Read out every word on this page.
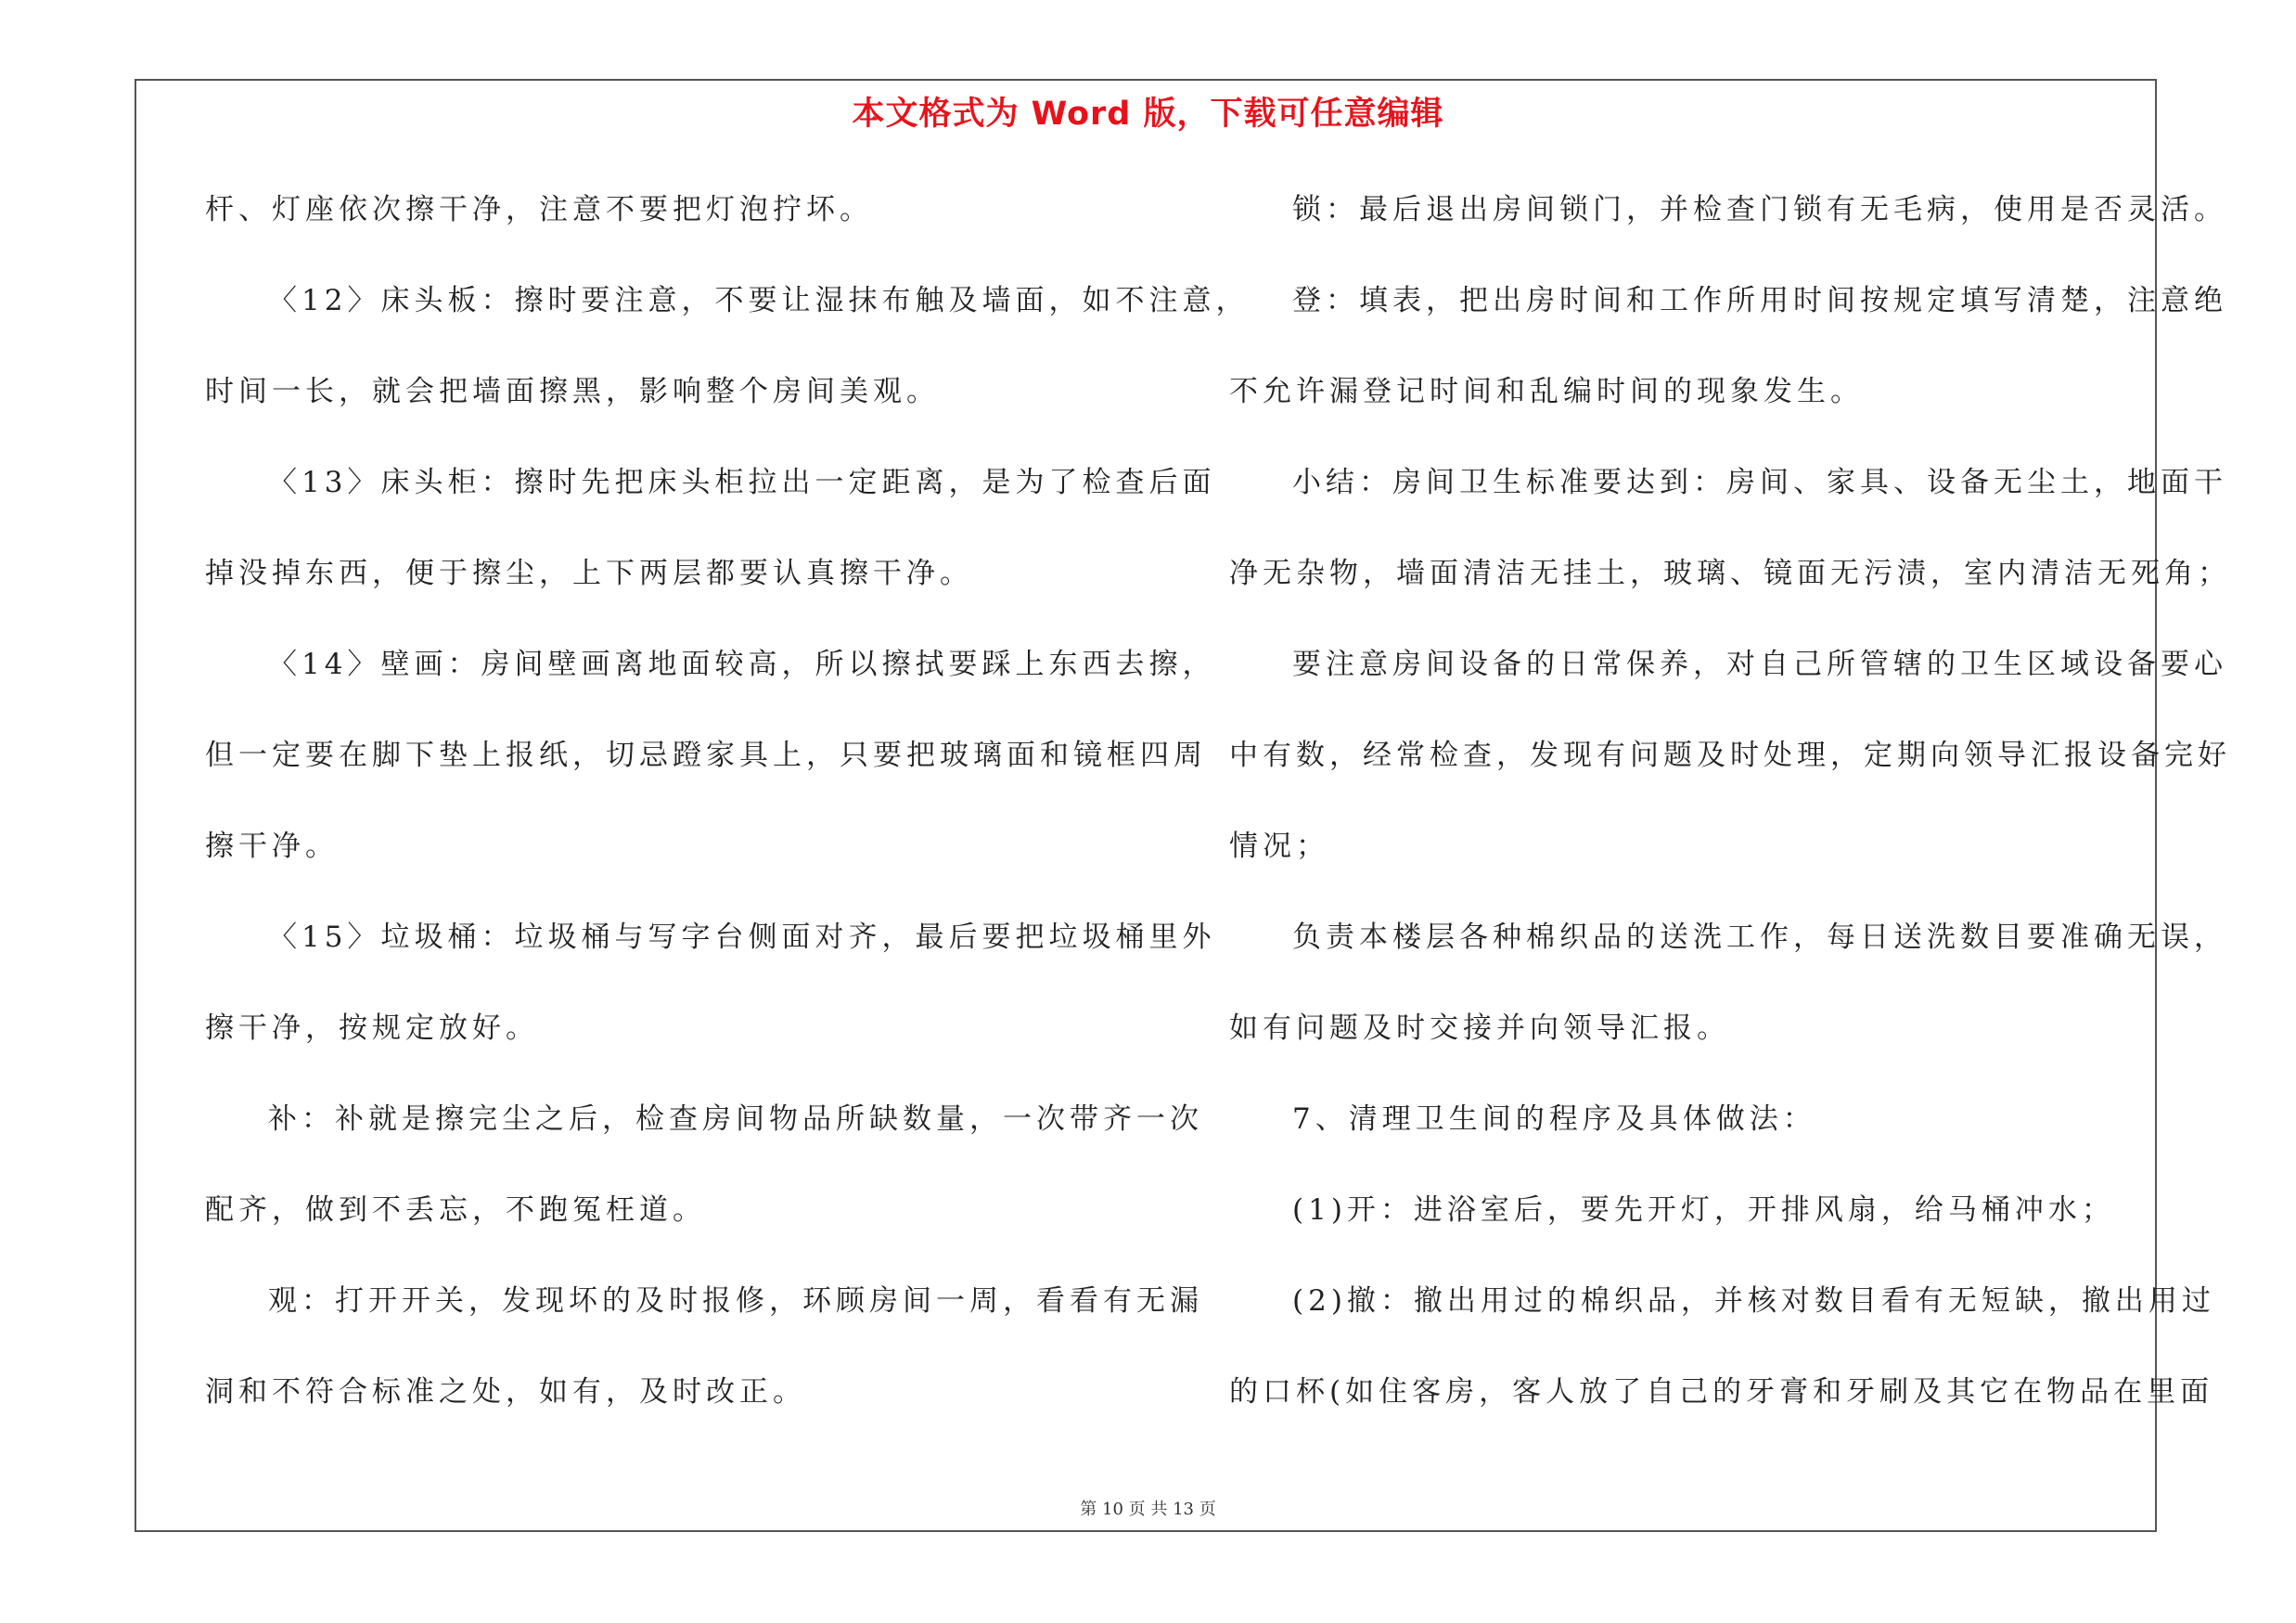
本文格式为 Word 版，下载可任意编辑
杆、灯座依次擦干净，注意不要把灯泡拧坏。
〈12〉床头板：擦时要注意，不要让湿抹布触及墙面，如不注意，
时间一长，就会把墙面擦黑，影响整个房间美观。
〈13〉床头柜：擦时先把床头柜拉出一定距离，是为了检查后面
掉没掉东西，便于擦尘，上下两层都要认真擦干净。
〈14〉壁画：房间壁画离地面较高，所以擦拭要踩上东西去擦，
但一定要在脚下垫上报纸，切忌蹬家具上，只要把玻璃面和镜框四周
擦干净。
〈15〉垃圾桶：垃圾桶与写字台侧面对齐，最后要把垃圾桶里外
擦干净，按规定放好。
补：补就是擦完尘之后，检查房间物品所缺数量，一次带齐一次
配齐，做到不丢忘，不跑冤枉道。
观：打开开关，发现坏的及时报修，环顾房间一周，看看有无漏
洞和不符合标准之处，如有，及时改正。
锁：最后退出房间锁门，并检查门锁有无毛病，使用是否灵活。
登：填表，把出房时间和工作所用时间按规定填写清楚，注意绝
不允许漏登记时间和乱编时间的现象发生。
小结：房间卫生标准要达到：房间、家具、设备无尘土，地面干
净无杂物，墙面清洁无挂土，玻璃、镜面无污渍，室内清洁无死角；
要注意房间设备的日常保养，对自己所管辖的卫生区域设备要心
中有数，经常检查，发现有问题及时处理，定期向领导汇报设备完好
情况；
负责本楼层各种棉织品的送洗工作，每日送洗数目要准确无误，
如有问题及时交接并向领导汇报。
7、清理卫生间的程序及具体做法：
(1)开：进浴室后，要先开灯，开排风扇，给马桶冲水；
(2)撤：撤出用过的棉织品，并核对数目看有无短缺，撤出用过
的口杯(如住客房，客人放了自己的牙膏和牙刷及其它在物品在里面
第 10 页 共 13 页
